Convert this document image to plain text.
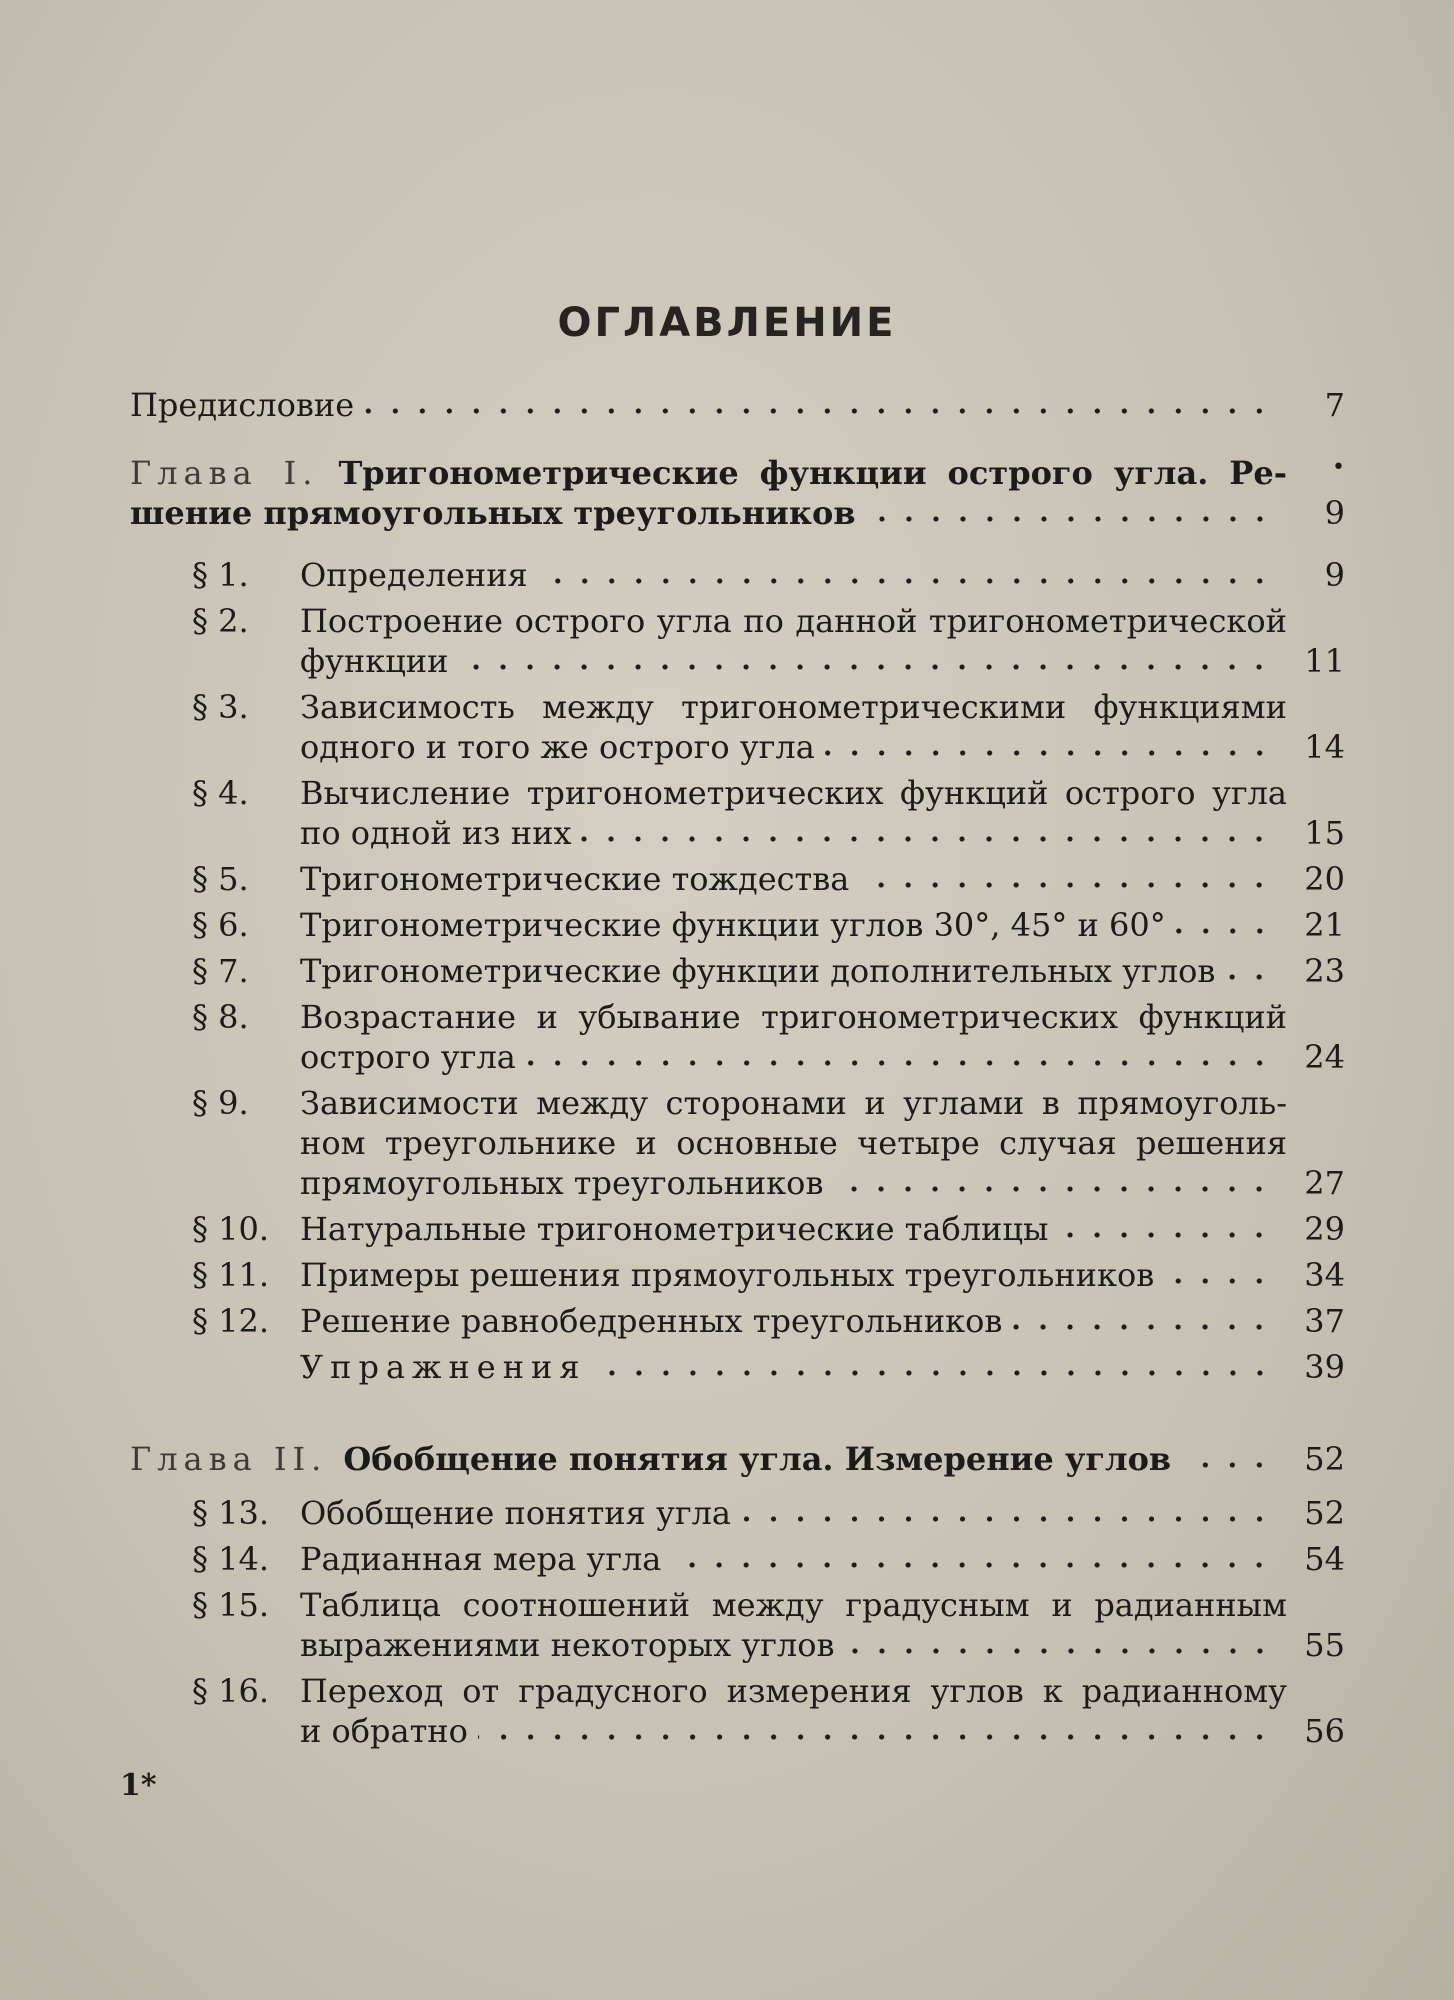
ОГЛАВЛЕНИЕ
Предисловие	7
•
Глава I. Тригонометрические функции острого угла. Ре-
шение прямоугольных треугольников	9
§ 1.	Определения	9
§ 2.	Построение острого угла по данной тригонометрической
функции	11
§ 3.	Зависимость между тригонометрическими функциями
одного и того же острого угла	14
§ 4.	Вычисление тригонометрических функций острого угла
по одной из них	15
§ 5.	Тригонометрические тождества	20
§ 6.	Тригонометрические функции углов 30°, 45° и 60°	21
§ 7.	Тригонометрические функции дополнительных углов	23
§ 8.	Возрастание и убывание тригонометрических функций
острого угла	24
§ 9.	Зависимости между сторонами и углами в прямоуголь-
ном треугольнике и основные четыре случая решения
прямоугольных треугольников	27
§ 10. Натуральные тригонометрические таблицы	29
§ 11. Примеры решения прямоугольных треугольников	34
§ 12. Решение равнобедренных треугольников	37
Упражнения	39
Глава II. Обобщение понятия угла. Измерение углов	52
§ 13. Обобщение понятия угла	52
§ 14. Радианная мера угла	54
§ 15. Таблица соотношений между градусным и радианным
выражениями некоторых углов	55
§ 16. Переход от градусного измерения углов к радианному
и обратно	56
1*
